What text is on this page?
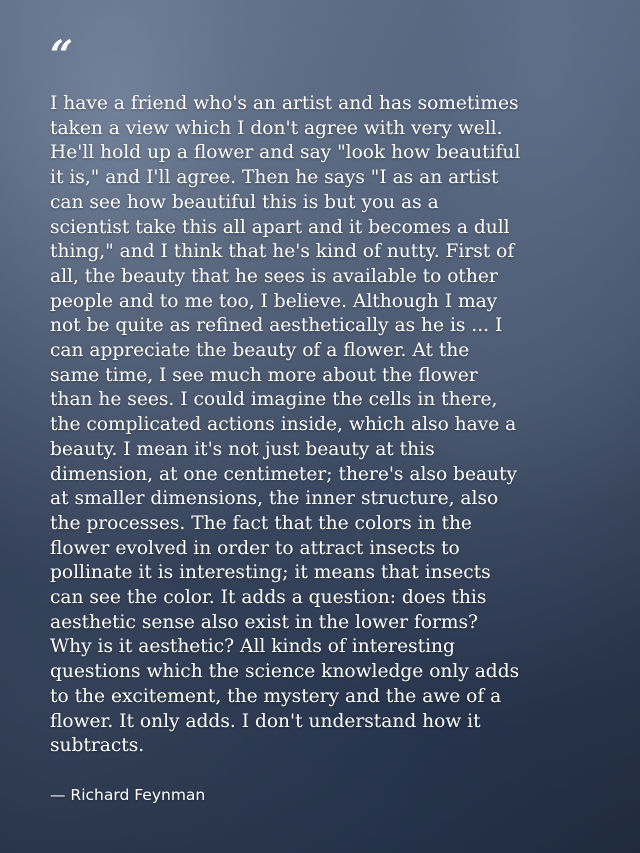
“

I have a friend who's an artist and has sometimes
taken a view which I don't agree with very well.
He'll hold up a flower and say "look how beautiful
it is," and I'll agree. Then he says "I as an artist
can see how beautiful this is but you as a
scientist take this all apart and it becomes a dull
thing," and I think that he's kind of nutty. First of
all, the beauty that he sees is available to other
people and to me too, I believe. Although I may
not be quite as refined aesthetically as he is ... I
can appreciate the beauty of a flower. At the
same time, I see much more about the flower
than he sees. I could imagine the cells in there,
the complicated actions inside, which also have a
beauty. I mean it's not just beauty at this
dimension, at one centimeter; there's also beauty
at smaller dimensions, the inner structure, also
the processes. The fact that the colors in the
flower evolved in order to attract insects to
pollinate it is interesting; it means that insects
can see the color. It adds a question: does this
aesthetic sense also exist in the lower forms?
Why is it aesthetic? All kinds of interesting
questions which the science knowledge only adds
to the excitement, the mystery and the awe of a
flower. It only adds. I don't understand how it
subtracts.

— Richard Feynman
